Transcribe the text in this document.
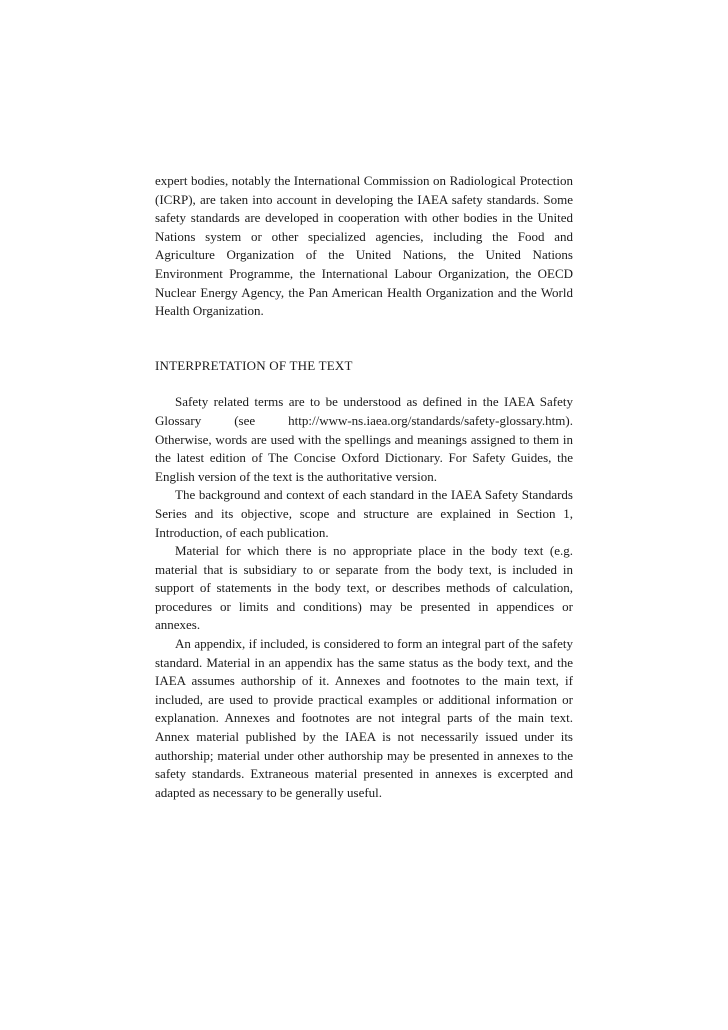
expert bodies, notably the International Commission on Radiological Protection (ICRP), are taken into account in developing the IAEA safety standards. Some safety standards are developed in cooperation with other bodies in the United Nations system or other specialized agencies, including the Food and Agriculture Organization of the United Nations, the United Nations Environment Programme, the International Labour Organization, the OECD Nuclear Energy Agency, the Pan American Health Organization and the World Health Organization.

INTERPRETATION OF THE TEXT

Safety related terms are to be understood as defined in the IAEA Safety Glossary (see http://www-ns.iaea.org/standards/safety-glossary.htm). Otherwise, words are used with the spellings and meanings assigned to them in the latest edition of The Concise Oxford Dictionary. For Safety Guides, the English version of the text is the authoritative version.

The background and context of each standard in the IAEA Safety Standards Series and its objective, scope and structure are explained in Section 1, Introduction, of each publication.

Material for which there is no appropriate place in the body text (e.g. material that is subsidiary to or separate from the body text, is included in support of statements in the body text, or describes methods of calculation, procedures or limits and conditions) may be presented in appendices or annexes.

An appendix, if included, is considered to form an integral part of the safety standard. Material in an appendix has the same status as the body text, and the IAEA assumes authorship of it. Annexes and footnotes to the main text, if included, are used to provide practical examples or additional information or explanation. Annexes and footnotes are not integral parts of the main text. Annex material published by the IAEA is not necessarily issued under its authorship; material under other authorship may be presented in annexes to the safety standards. Extraneous material presented in annexes is excerpted and adapted as necessary to be generally useful.
